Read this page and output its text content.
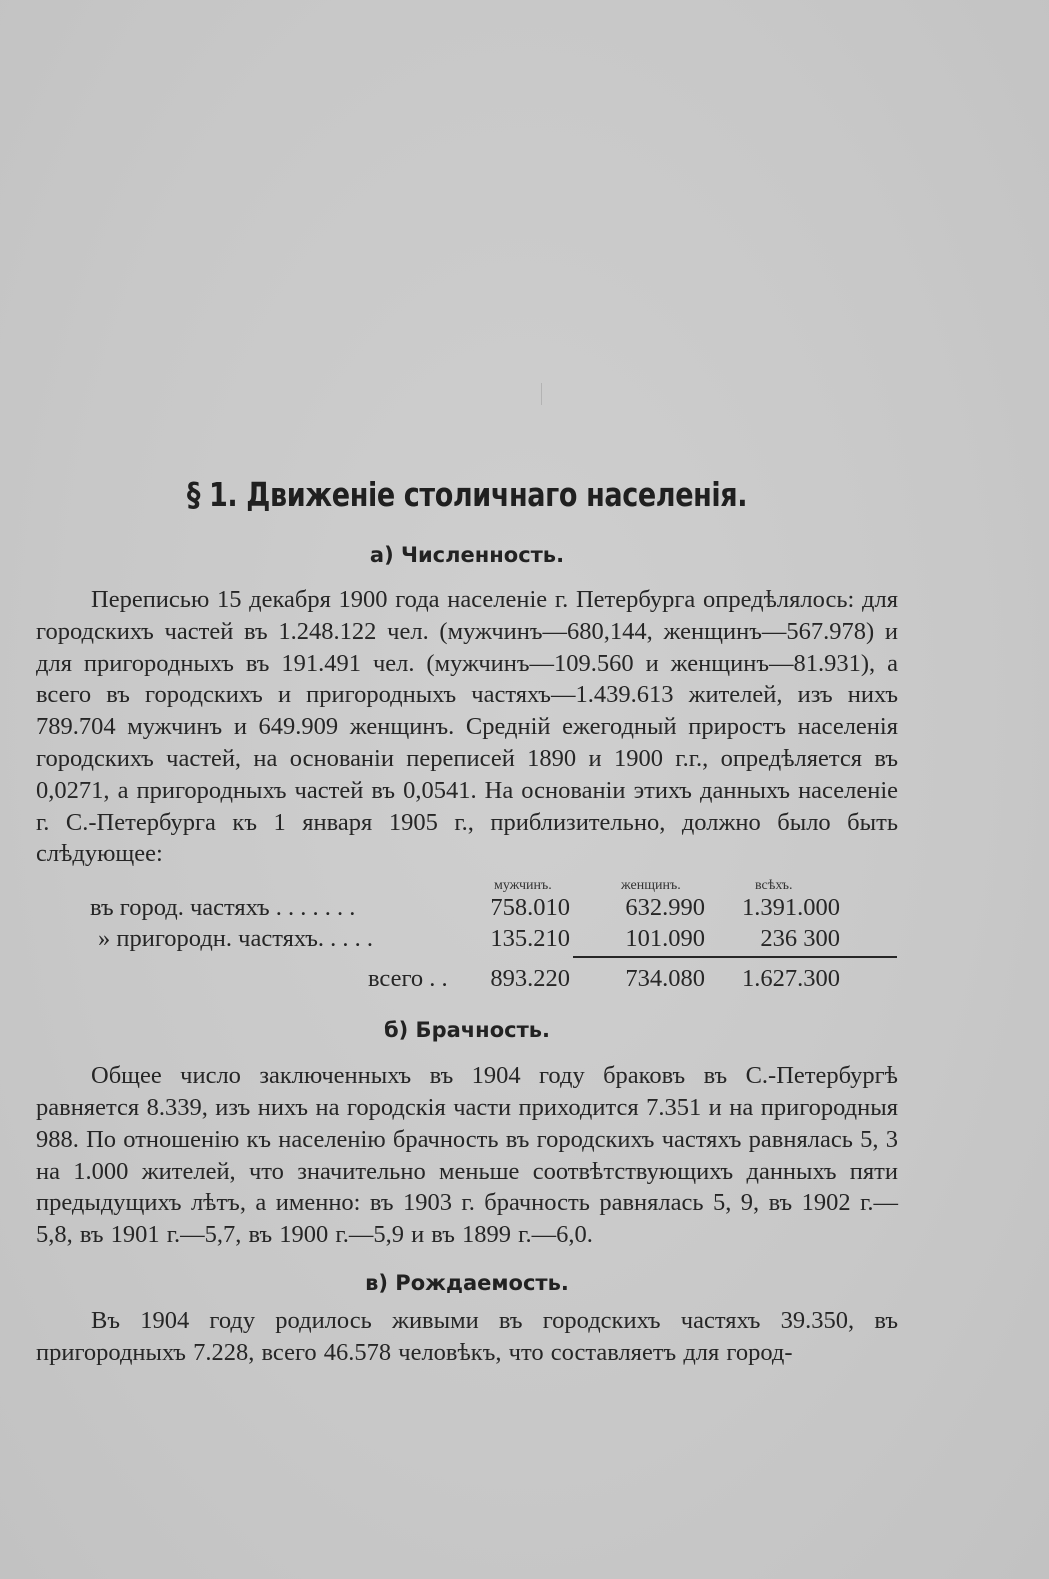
§ 1. Движеніе столичнаго населенія.
а) Численность.

Переписью 15 декабря 1900 года населеніе г. Петербурга опредѣлялось: для городскихъ частей въ 1.248.122 чел. (мужчинъ—680,144, женщинъ—567.978) и для пригородныхъ въ 191.491 чел. (мужчинъ—109.560 и женщинъ—81.931), а всего въ городскихъ и пригородныхъ частяхъ—1.439.613 жителей, изъ нихъ 789.704 мужчинъ и 649.909 женщинъ. Средній ежегодный приростъ населенія городскихъ частей, на основаніи переписей 1890 и 1900 г.г., опредѣляется въ 0,0271, а пригородныхъ частей въ 0,0541. На основаніи этихъ данныхъ населеніе г. С.-Петербурга къ 1 января 1905 г., приблизительно, должно было быть слѣдующее:

мужчинъ.	женщинъ.	всѣхъ.
въ город. частяхъ . . . . . . .	758.010 632.990 1.391.000
» пригородн. частяхъ. . . . .	135.210 101.090 236 300
всего . . 893.220 734.080 1.627.300
б) Брачность.

Общее число заключенныхъ въ 1904 году браковъ въ С.-Петербургѣ равняется 8.339, изъ нихъ на городскія части приходится 7.351 и на пригородныя 988. По отношенію къ населенію брачность въ городскихъ частяхъ равнялась 5, 3 на 1.000 жителей, что значительно меньше соотвѣтствующихъ данныхъ пяти предыдущихъ лѣтъ, а именно: въ 1903 г. брачность равнялась 5, 9, въ 1902 г.—5,8, въ 1901 г.—5,7, въ 1900 г.—5,9 и въ 1899 г.—6,0.

в) Рождаемость.

Въ 1904 году родилось живыми въ городскихъ частяхъ 39.350, въ пригородныхъ 7.228, всего 46.578 человѣкъ, что составляетъ для город-
